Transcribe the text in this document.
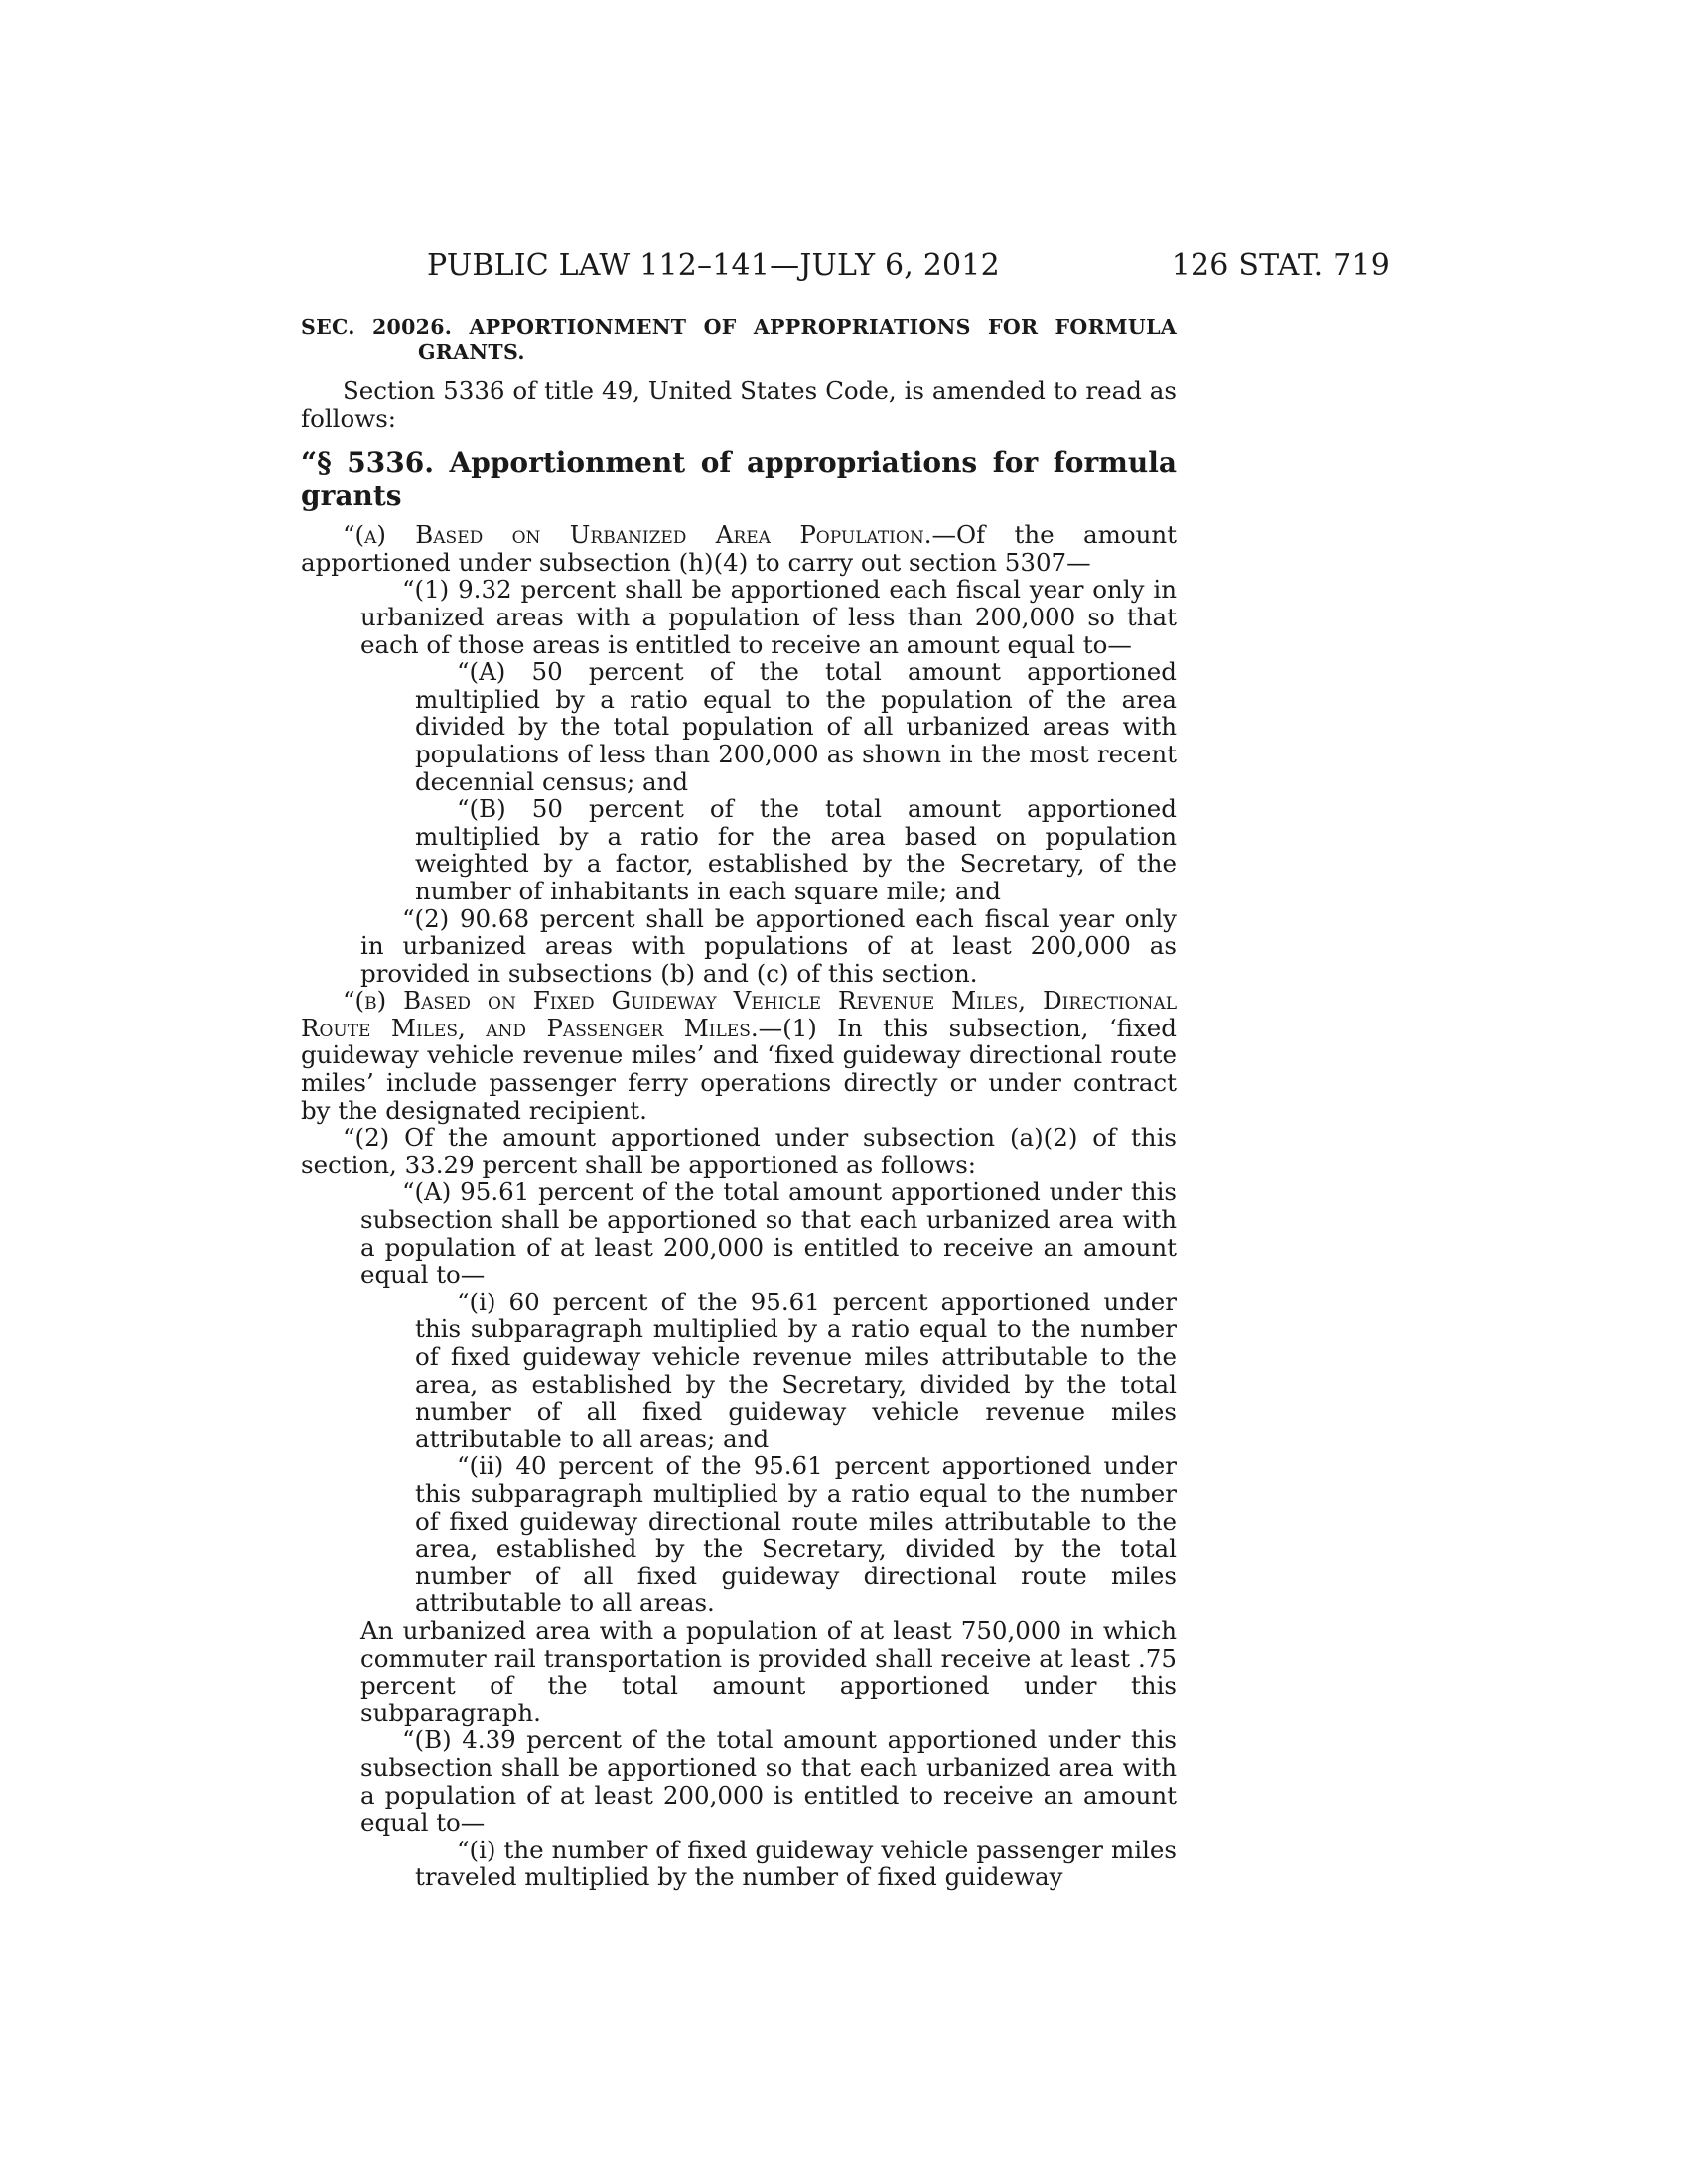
PUBLIC LAW 112–141—JULY 6, 2012	126 STAT. 719

SEC. 20026. APPORTIONMENT OF APPROPRIATIONS FOR FORMULA GRANTS.

Section 5336 of title 49, United States Code, is amended to read as follows:

“§ 5336. Apportionment of appropriations for formula grants

“(a) Based on Urbanized Area Population.—Of the amount apportioned under subsection (h)(4) to carry out section 5307—

“(1) 9.32 percent shall be apportioned each fiscal year only in urbanized areas with a population of less than 200,000 so that each of those areas is entitled to receive an amount equal to—

“(A) 50 percent of the total amount apportioned multiplied by a ratio equal to the population of the area divided by the total population of all urbanized areas with populations of less than 200,000 as shown in the most recent decennial census; and

“(B) 50 percent of the total amount apportioned multiplied by a ratio for the area based on population weighted by a factor, established by the Secretary, of the number of inhabitants in each square mile; and

“(2) 90.68 percent shall be apportioned each fiscal year only in urbanized areas with populations of at least 200,000 as provided in subsections (b) and (c) of this section.

“(b) Based on Fixed Guideway Vehicle Revenue Miles, Directional Route Miles, and Passenger Miles.—(1) In this subsection, ‘fixed guideway vehicle revenue miles’ and ‘fixed guideway directional route miles’ include passenger ferry operations directly or under contract by the designated recipient.

“(2) Of the amount apportioned under subsection (a)(2) of this section, 33.29 percent shall be apportioned as follows:

“(A) 95.61 percent of the total amount apportioned under this subsection shall be apportioned so that each urbanized area with a population of at least 200,000 is entitled to receive an amount equal to—

“(i) 60 percent of the 95.61 percent apportioned under this subparagraph multiplied by a ratio equal to the number of fixed guideway vehicle revenue miles attributable to the area, as established by the Secretary, divided by the total number of all fixed guideway vehicle revenue miles attributable to all areas; and

“(ii) 40 percent of the 95.61 percent apportioned under this subparagraph multiplied by a ratio equal to the number of fixed guideway directional route miles attributable to the area, established by the Secretary, divided by the total number of all fixed guideway directional route miles attributable to all areas.

An urbanized area with a population of at least 750,000 in which commuter rail transportation is provided shall receive at least .75 percent of the total amount apportioned under this subparagraph.

“(B) 4.39 percent of the total amount apportioned under this subsection shall be apportioned so that each urbanized area with a population of at least 200,000 is entitled to receive an amount equal to—

“(i) the number of fixed guideway vehicle passenger miles traveled multiplied by the number of fixed guideway
